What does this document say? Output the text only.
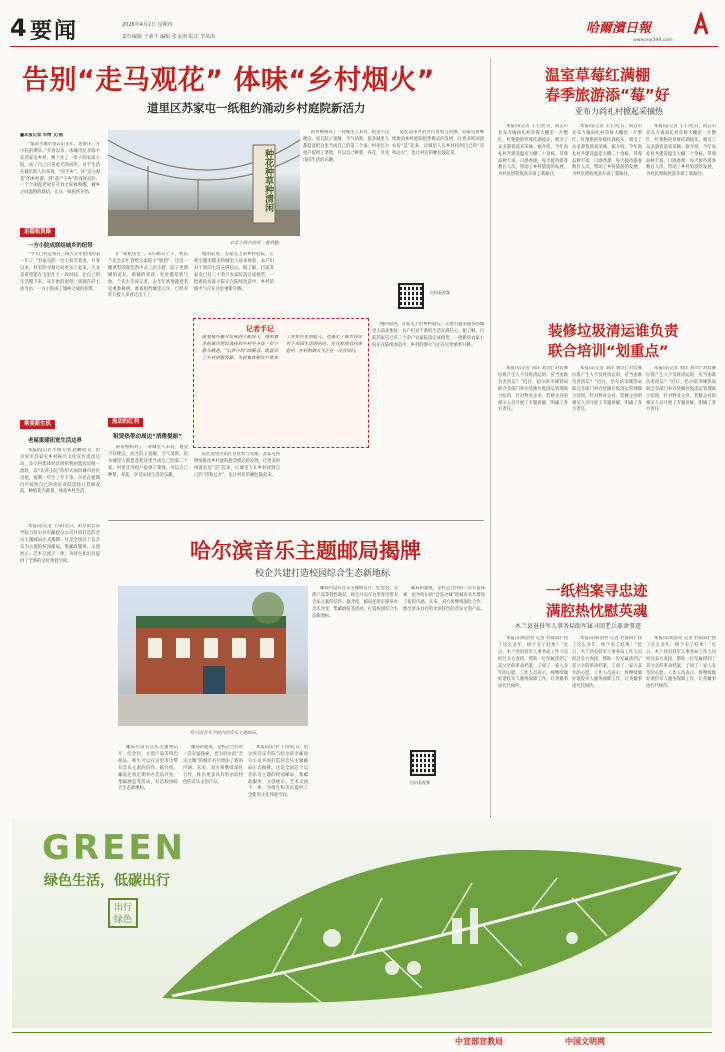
4 要闻	2026年4月2日 星期四
责任编辑 于素平 编辑 张金翊 版式 李凤海
哈爾濱日報
www.my399.com
告别“走马观花” 体味“乡村烟火”
道里区苏家屯一纸租约涌动乡村庭院新活力
■本报记者 毕博 文/图

“都说平城市里认识多年，也难住一方小院的期头。”开春以来，冰城市民李陈平在苏家屯乡村，换下住了一辈子的农家小院，成了自己日常观光的居所，对于生活在城市的人们来说，“拉手乡”。从“走马观花”的乡村游，到“落户下乡”的深度居住，一个个闲置老屋在开春之际被唤醒，城乡之间温情的联结，正从一纸租约开始。

走稳租赁路
一方小院成联结城乡的纽带

“今天已经是我在三线入实年租用的第一年了，”苏家屯的一位大叔笑着说。开春以来，村里的寻租行动更多了起来，大多是希望能在宅里住上一段时间，让自己的生活慢下来。从开始的观望，到现在的主动寻访，一方小院成了城乡之间的纽带。

乘宴新生机
老屋重建拓宽生活边界

本报讯(记者 毕博 记者 赵琳)近日，哈尔滨市苏家屯乡村振兴文化宣传活动启动，多个村集体经济组织将闲置农房统一流转，以“认养小院”的形式面向城市居民出租，租期一年至三年不等。市民在租期内可按照自己的喜好对院落进行装修改造，种植花卉蔬菜，体验乡村生活。

种花种草种清闲
农家小院内前有一番情趣。

扩”和租房生”。3月26日上午，村民兰先生正忙着给自家院子“收拾”。这是一幢典型的现代新中式三层小楼，院子里新砌的花坛、新铺的青砖，处处都是新气象。兰先生告诉记者，去年年底他就把老屋重新修缮，准备租给城里人住，已经有好几拨人来看过房子了。

慢的前进。苏家屯上的乡村庭院，正吸引越来越多的城里人前来体验，农户们对于新的生活充满信心。据了解，目前苏家屯已有三十余户农家院落完成租赁，一批新的农家小院正在陆续改造中，乡村的烟火气正在这里重新升腾。

记者手记
随着城乡融合发展的不断深入，越来越多的城市居民选择到乡村中寻找一份宁静与惬意。“认养小院”的模式，既盘活了乡村闲置资源，为村集体和农户带来了实实在在的收入，也满足了城市居民对于田园生活的向往。在这样的双向奔赴中，乡村的烟火气正在一点点回归。
流动的红利
租赁热带动周边“消费提振”

的价格相对了一对城里人来说，租金不仅便宜，而且院子宽敞、空气清新，很多城里人都愿意把这里当成自己的第二个家。村里还为租户提供了菜地，可以自己种菜、养花，享受田园生活的乐趣。

依托道里区的区位优势与资源，苏家屯将继续推动乡村庭院租赁模式的发展，让更多的闲置农房“活”起来，让城里人在乡村找到自己的“诗和远方”，也让村民的腰包鼓起来。

的价格相对了一对城里人来说，租金不仅便宜，而且院子宽敞、空气清新，很多城里人都愿意把这里当成自己的第二个家。村里还为租户提供了菜地，可以自己种菜、养花，享受田园生活的乐趣。

扫码看视频

依托道里区的区位优势与资源，苏家屯将继续推动乡村庭院租赁模式的发展，让更多的闲置农房“活”起来，让城里人在乡村找到自己的“诗和远方”，也让村民的腰包鼓起来。

慢的前进。苏家屯上的乡村庭院，正吸引越来越多的城里人前来体验，农户们对于新的生活充满信心。据了解，目前苏家屯已有三十余户农家院落完成租赁，一批新的农家小院正在陆续改造中，乡村的烟火气正在这里重新升腾。

哈尔滨音乐主题邮局揭牌
校企共建打造校园综合生态新地标

本报讯(记者 王琪)近日，哈尔滨音乐学院与哈尔滨市邮政分公司共同打造的音乐主题邮局正式揭牌。这是全国首个以音乐为主题的校园邮局，集邮政服务、文创展示、艺术交流于一体，为师生和市民提供了全新的文化体验空间。

哈尔滨音乐学院内的音乐主题邮局。

邮局内设有音乐主题明信片、纪念封、文创产品等特色商品，师生可以在这里寄出带有音乐元素的信件。据介绍，邮局还将定期举办音乐沙龙、集邮展览等活动，打造校园综合生态新地标。

邮局的建成，是校企合作的一次有益探索，也为哈尔滨“音乐之城”的城市名片增添了新的内涵。未来，双方将继续深化合作，推出更多具有哈尔滨特色的音乐文创产品。

本报讯(记者 王琪)近日，哈尔滨音乐学院与哈尔滨市邮政分公司共同打造的音乐主题邮局正式揭牌。这是全国首个以音乐为主题的校园邮局，集邮政服务、文创展示、艺术交流于一体，为师生和市民提供了全新的文化体验空间。

邮局内设有音乐主题明信片、纪念封、文创产品等特色商品，师生可以在这里寄出带有音乐元素的信件。据介绍，邮局还将定期举办音乐沙龙、集邮展览等活动，打造校园综合生态新地标。

邮局的建成，是校企合作的一次有益探索，也为哈尔滨“音乐之城”的城市名片增添了新的内涵。未来，双方将继续深化合作，推出更多具有哈尔滨特色的音乐文创产品。

扫码看视频
温室草莓红满棚
春季旅游添“莓”好
亚布力尚礼村掀起采摘热

本报讯(记者 王丰)近日，尚志市亚布力镇尚礼村草莓大棚里一片繁忙，红艳艳的草莓挂满枝头，吸引了众多游客前来采摘。据介绍，今年尚礼村共建设温室大棚二十余栋，草莓品种丰富，口感香甜，每天接待游客数百人次，带动了乡村旅游的发展，为村民增收致富开辟了新路径。

本报讯(记者 王丰)近日，尚志市亚布力镇尚礼村草莓大棚里一片繁忙，红艳艳的草莓挂满枝头，吸引了众多游客前来采摘。据介绍，今年尚礼村共建设温室大棚二十余栋，草莓品种丰富，口感香甜，每天接待游客数百人次，带动了乡村旅游的发展，为村民增收致富开辟了新路径。

本报讯(记者 王丰)近日，尚志市亚布力镇尚礼村草莓大棚里一片繁忙，红艳艳的草莓挂满枝头，吸引了众多游客前来采摘。据介绍，今年尚礼村共建设温室大棚二十余栋，草莓品种丰富，口感香甜，每天接待游客数百人次，带动了乡村旅游的发展，为村民增收致富开辟了新路径。

装修垃圾清运谁负责
联合培训“划重点”

本报讯(记者 刘洋 刘洋)“对装修垃圾产生人不及时清运的，应当由谁负责清运？”近日，哈尔滨市城管局联合多部门举办装修垃圾清运管理联合培训，针对物业企业、装修企业的相关人员开展了专题讲解，明确了各方责任。

本报讯(记者 刘洋 刘洋)“对装修垃圾产生人不及时清运的，应当由谁负责清运？”近日，哈尔滨市城管局联合多部门举办装修垃圾清运管理联合培训，针对物业企业、装修企业的相关人员开展了专题讲解，明确了各方责任。

本报讯(记者 刘洋 刘洋)“对装修垃圾产生人不及时清运的，应当由谁负责清运？”近日，哈尔滨市城管局联合多部门举办装修垃圾清运管理联合培训，针对物业企业、装修企业的相关人员开展了专题讲解，明确了各方责任。

一纸档案寻忠迹
满腔热忱慰英魂
木兰县退役军人事务局助军属寻回老兵革命事迹

本报讯(胡清亮 记者 杜薛薛)“找了这么多年，终于有了结果！”近日，木兰县退役军人事务局工作人员经过多方查找，帮助一位军属找到了其父亲的革命档案，了却了一家人多年的心愿。工作人员表示，将继续做好退役军人服务保障工作，让英雄事迹代代相传。

本报讯(胡清亮 记者 杜薛薛)“找了这么多年，终于有了结果！”近日，木兰县退役军人事务局工作人员经过多方查找，帮助一位军属找到了其父亲的革命档案，了却了一家人多年的心愿。工作人员表示，将继续做好退役军人服务保障工作，让英雄事迹代代相传。

本报讯(胡清亮 记者 杜薛薛)“找了这么多年，终于有了结果！”近日，木兰县退役军人事务局工作人员经过多方查找，帮助一位军属找到了其父亲的革命档案，了却了一家人多年的心愿。工作人员表示，将继续做好退役军人服务保障工作，让英雄事迹代代相传。

GREEN
绿色生活，低碳出行
出行绿色
中宣部宣教局	中国文明网
